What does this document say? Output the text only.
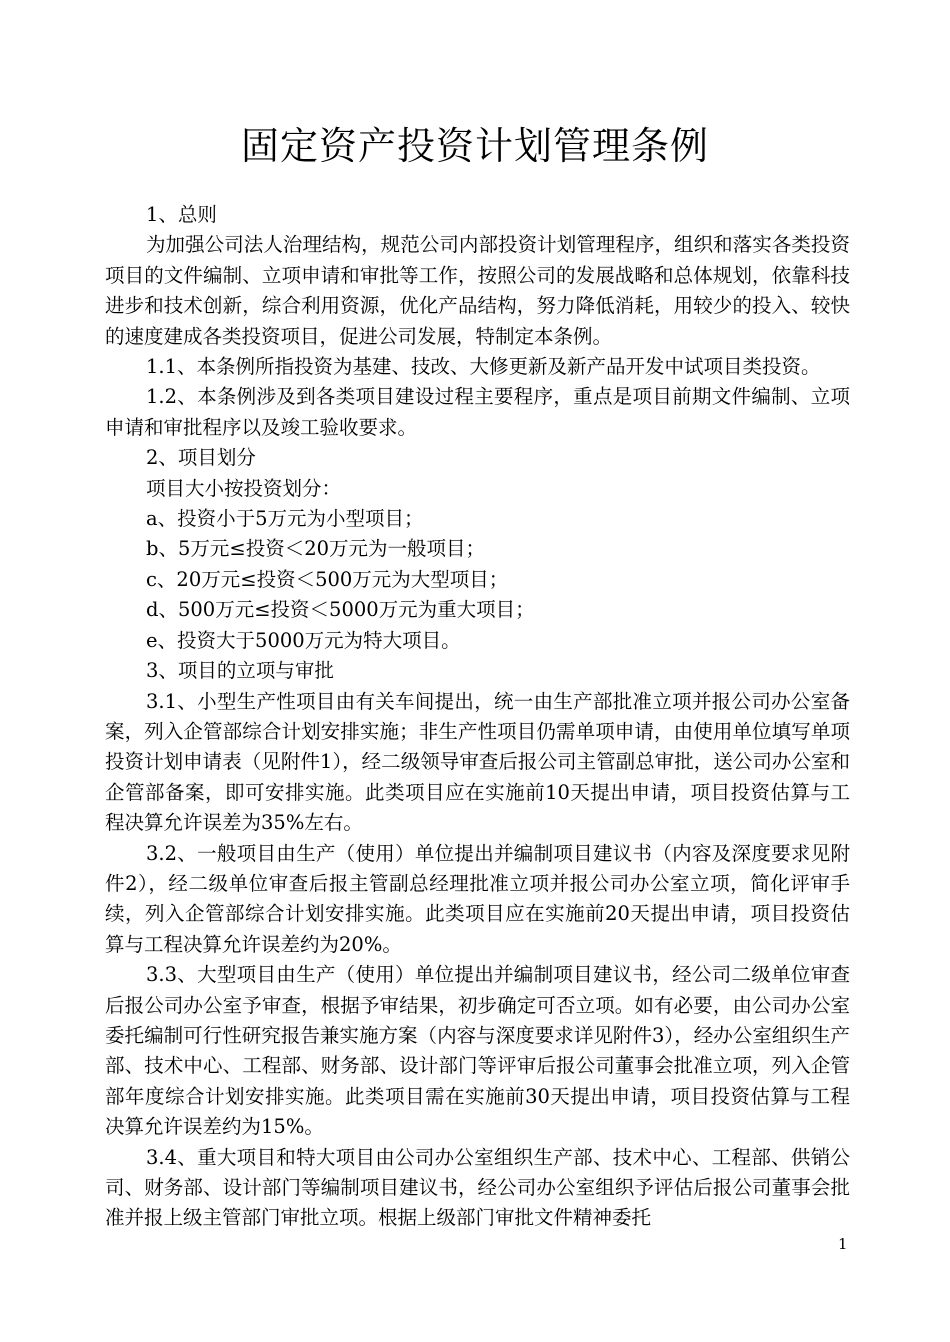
固定资产投资计划管理条例

1、总则

为加强公司法人治理结构，规范公司内部投资计划管理程序，组织和落实各类投资项目的文件编制、立项申请和审批等工作，按照公司的发展战略和总体规划，依靠科技进步和技术创新，综合利用资源，优化产品结构，努力降低消耗，用较少的投入、较快的速度建成各类投资项目，促进公司发展，特制定本条例。

1.1、本条例所指投资为基建、技改、大修更新及新产品开发中试项目类投资。

1.2、本条例涉及到各类项目建设过程主要程序，重点是项目前期文件编制、立项申请和审批程序以及竣工验收要求。

2、项目划分

项目大小按投资划分：

a、投资小于5万元为小型项目；

b、5万元≤投资＜20万元为一般项目；

c、20万元≤投资＜500万元为大型项目；

d、500万元≤投资＜5000万元为重大项目；

e、投资大于5000万元为特大项目。

3、项目的立项与审批

3.1、小型生产性项目由有关车间提出，统一由生产部批准立项并报公司办公室备案，列入企管部综合计划安排实施；非生产性项目仍需单项申请，由使用单位填写单项投资计划申请表（见附件1），经二级领导审查后报公司主管副总审批，送公司办公室和企管部备案，即可安排实施。此类项目应在实施前10天提出申请，项目投资估算与工程决算允许误差为35%左右。

3.2、一般项目由生产（使用）单位提出并编制项目建议书（内容及深度要求见附件2），经二级单位审查后报主管副总经理批准立项并报公司办公室立项，简化评审手续，列入企管部综合计划安排实施。此类项目应在实施前20天提出申请，项目投资估算与工程决算允许误差约为20%。

3.3、大型项目由生产（使用）单位提出并编制项目建议书，经公司二级单位审查后报公司办公室予审查，根据予审结果，初步确定可否立项。如有必要，由公司办公室委托编制可行性研究报告兼实施方案（内容与深度要求详见附件3），经办公室组织生产部、技术中心、工程部、财务部、设计部门等评审后报公司董事会批准立项，列入企管部年度综合计划安排实施。此类项目需在实施前30天提出申请，项目投资估算与工程决算允许误差约为15%。

3.4、重大项目和特大项目由公司办公室组织生产部、技术中心、工程部、供销公司、财务部、设计部门等编制项目建议书，经公司办公室组织予评估后报公司董事会批准并报上级主管部门审批立项。根据上级部门审批文件精神委托

1
